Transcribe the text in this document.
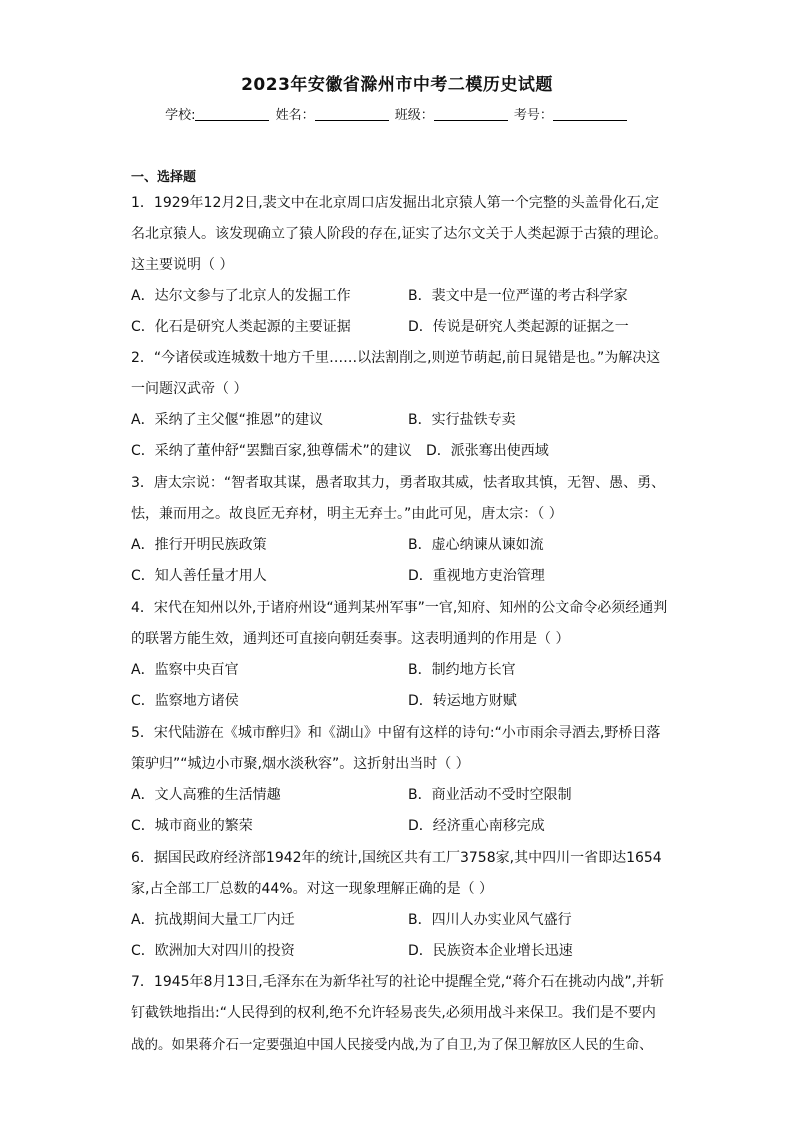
2023年安徽省滁州市中考二模历史试题
学校:	姓名：	班级：	考号：
一、选择题
1．1929年12月2日,裴文中在北京周口店发掘出北京猿人第一个完整的头盖骨化石,定
名北京猿人。该发现确立了猿人阶段的存在,证实了达尔文关于人类起源于古猿的理论。
这主要说明（ ）
A．达尔文参与了北京人的发掘工作	B．裴文中是一位严谨的考古科学家
C．化石是研究人类起源的主要证据	D．传说是研究人类起源的证据之一
2．“今诸侯或连城数十地方千里……以法割削之,则逆节萌起,前日晁错是也。”为解决这
一问题汉武帝（ ）
A．采纳了主父偃“推恩”的建议	B．实行盐铁专卖
C．采纳了董仲舒“罢黜百家,独尊儒术”的建议 D．派张骞出使西域
3．唐太宗说：“智者取其谋，愚者取其力，勇者取其威，怯者取其慎，无智、愚、勇、
怯，兼而用之。故良匠无弃材，明主无弃士。”由此可见，唐太宗：（ ）
A．推行开明民族政策	B．虚心纳谏从谏如流
C．知人善任量才用人	D．重视地方吏治管理
4．宋代在知州以外,于诸府州设“通判某州军事”一官,知府、知州的公文命令必须经通判
的联署方能生效，通判还可直接向朝廷奏事。这表明通判的作用是（ ）
A．监察中央百官	B．制约地方长官
C．监察地方诸侯	D．转运地方财赋
5．宋代陆游在《城市醉归》和《湖山》中留有这样的诗句:“小市雨余寻酒去,野桥日落
策驴归”“城边小市聚,烟水淡秋容”。这折射出当时（ ）
A．文人高雅的生活情趣	B．商业活动不受时空限制
C．城市商业的繁荣	D．经济重心南移完成
6．据国民政府经济部1942年的统计,国统区共有工厂3758家,其中四川一省即达1654
家,占全部工厂总数的44%。对这一现象理解正确的是（ ）
A．抗战期间大量工厂内迁	B．四川人办实业风气盛行
C．欧洲加大对四川的投资	D．民族资本企业增长迅速
7．1945年8月13日,毛泽东在为新华社写的社论中提醒全党,“蒋介石在挑动内战”,并斩
钉截铁地指出:“人民得到的权利,绝不允许轻易丧失,必须用战斗来保卫。我们是不要内
战的。如果蒋介石一定要强迫中国人民接受内战,为了自卫,为了保卫解放区人民的生命、
